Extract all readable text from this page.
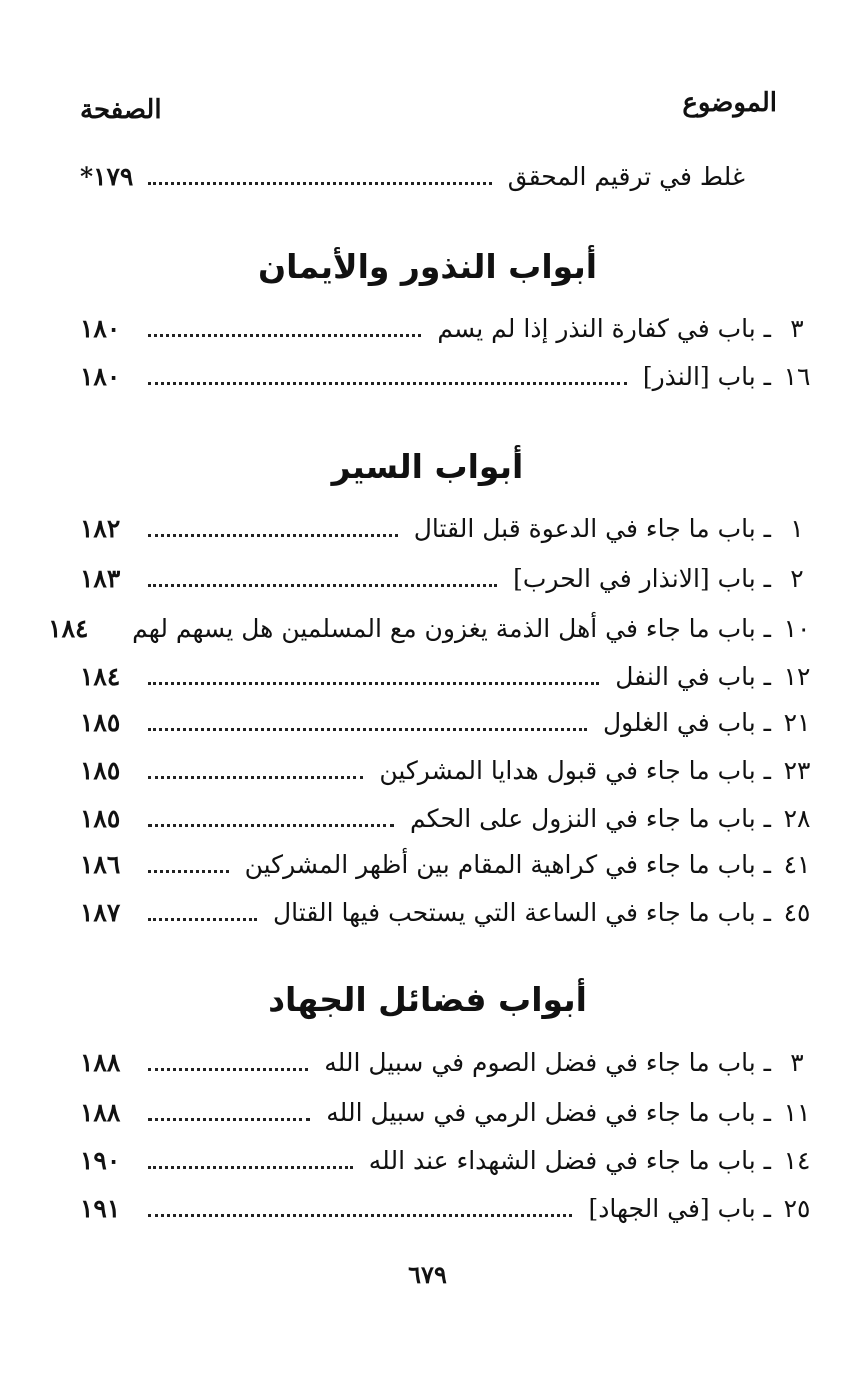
الموضوع
الصفحة
غلط في ترقيم المحقق
١٧٩*
أبواب النذور والأيمان
٣
ـ باب في كفارة النذر إذا لم يسم
١٨٠
١٦
ـ باب [النذر]
١٨٠
أبواب السير
١
ـ باب ما جاء في الدعوة قبل القتال
١٨٢
٢
ـ باب [الانذار في الحرب]
١٨٣
١٠
ـ باب ما جاء في أهل الذمة يغزون مع المسلمين هل يسهم لهم
١٨٤
١٢
ـ باب في النفل
١٨٤
٢١
ـ باب في الغلول
١٨٥
٢٣
ـ باب ما جاء في قبول هدايا المشركين
١٨٥
٢٨
ـ باب ما جاء في النزول على الحكم
١٨٥
٤١
ـ باب ما جاء في كراهية المقام بين أظهر المشركين
١٨٦
٤٥
ـ باب ما جاء في الساعة التي يستحب فيها القتال
١٨٧
أبواب فضائل الجهاد
٣
ـ باب ما جاء في فضل الصوم في سبيل الله
١٨٨
١١
ـ باب ما جاء في فضل الرمي في سبيل الله
١٨٨
١٤
ـ باب ما جاء في فضل الشهداء عند الله
١٩٠
٢٥
ـ باب [في الجهاد]
١٩١
٦٧٩
